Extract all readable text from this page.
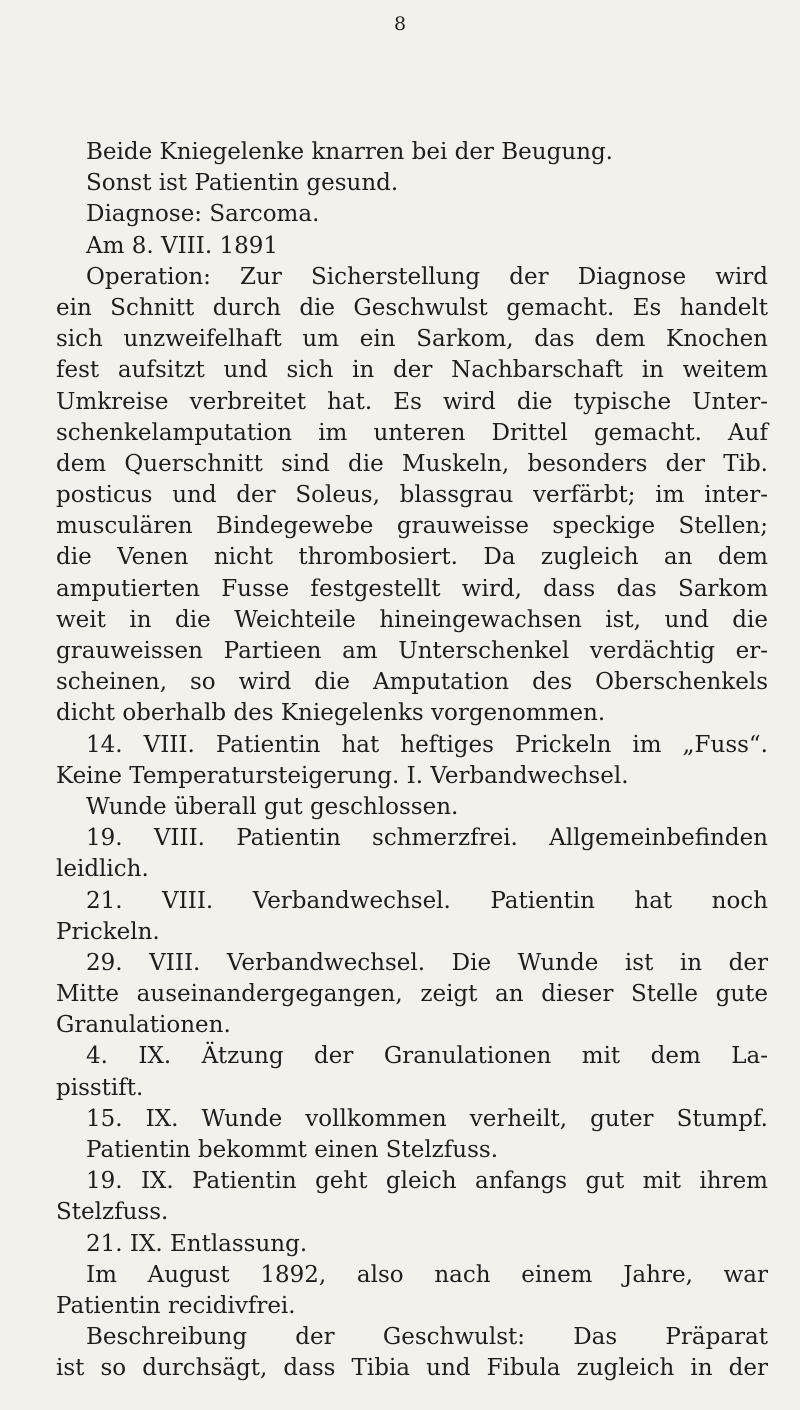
8
Beide Kniegelenke knarren bei der Beugung.
Sonst ist Patientin gesund.
Diagnose: Sarcoma.
Am 8. VIII. 1891
Operation: Zur Sicherstellung der Diagnose wird
ein Schnitt durch die Geschwulst gemacht. Es handelt
sich unzweifelhaft um ein Sarkom, das dem Knochen
fest aufsitzt und sich in der Nachbarschaft in weitem
Umkreise verbreitet hat. Es wird die typische Unter-
schenkelamputation im unteren Drittel gemacht. Auf
dem Querschnitt sind die Muskeln, besonders der Tib.
posticus und der Soleus, blassgrau verfärbt; im inter-
musculären Bindegewebe grauweisse speckige Stellen;
die Venen nicht thrombosiert. Da zugleich an dem
amputierten Fusse festgestellt wird, dass das Sarkom
weit in die Weichteile hineingewachsen ist, und die
grauweissen Partieen am Unterschenkel verdächtig er-
scheinen, so wird die Amputation des Oberschenkels
dicht oberhalb des Kniegelenks vorgenommen.
14. VIII. Patientin hat heftiges Prickeln im „Fuss“.
Keine Temperatursteigerung. I. Verbandwechsel.
Wunde überall gut geschlossen.
19. VIII. Patientin schmerzfrei. Allgemeinbefinden
leidlich.
21. VIII. Verbandwechsel. Patientin hat noch
Prickeln.
29. VIII. Verbandwechsel. Die Wunde ist in der
Mitte auseinandergegangen, zeigt an dieser Stelle gute
Granulationen.
4. IX. Ätzung der Granulationen mit dem La-
pisstift.
15. IX. Wunde vollkommen verheilt, guter Stumpf.
Patientin bekommt einen Stelzfuss.
19. IX. Patientin geht gleich anfangs gut mit ihrem
Stelzfuss.
21. IX. Entlassung.
Im August 1892, also nach einem Jahre, war
Patientin recidivfrei.
Beschreibung der Geschwulst: Das Präparat
ist so durchsägt, dass Tibia und Fibula zugleich in der
